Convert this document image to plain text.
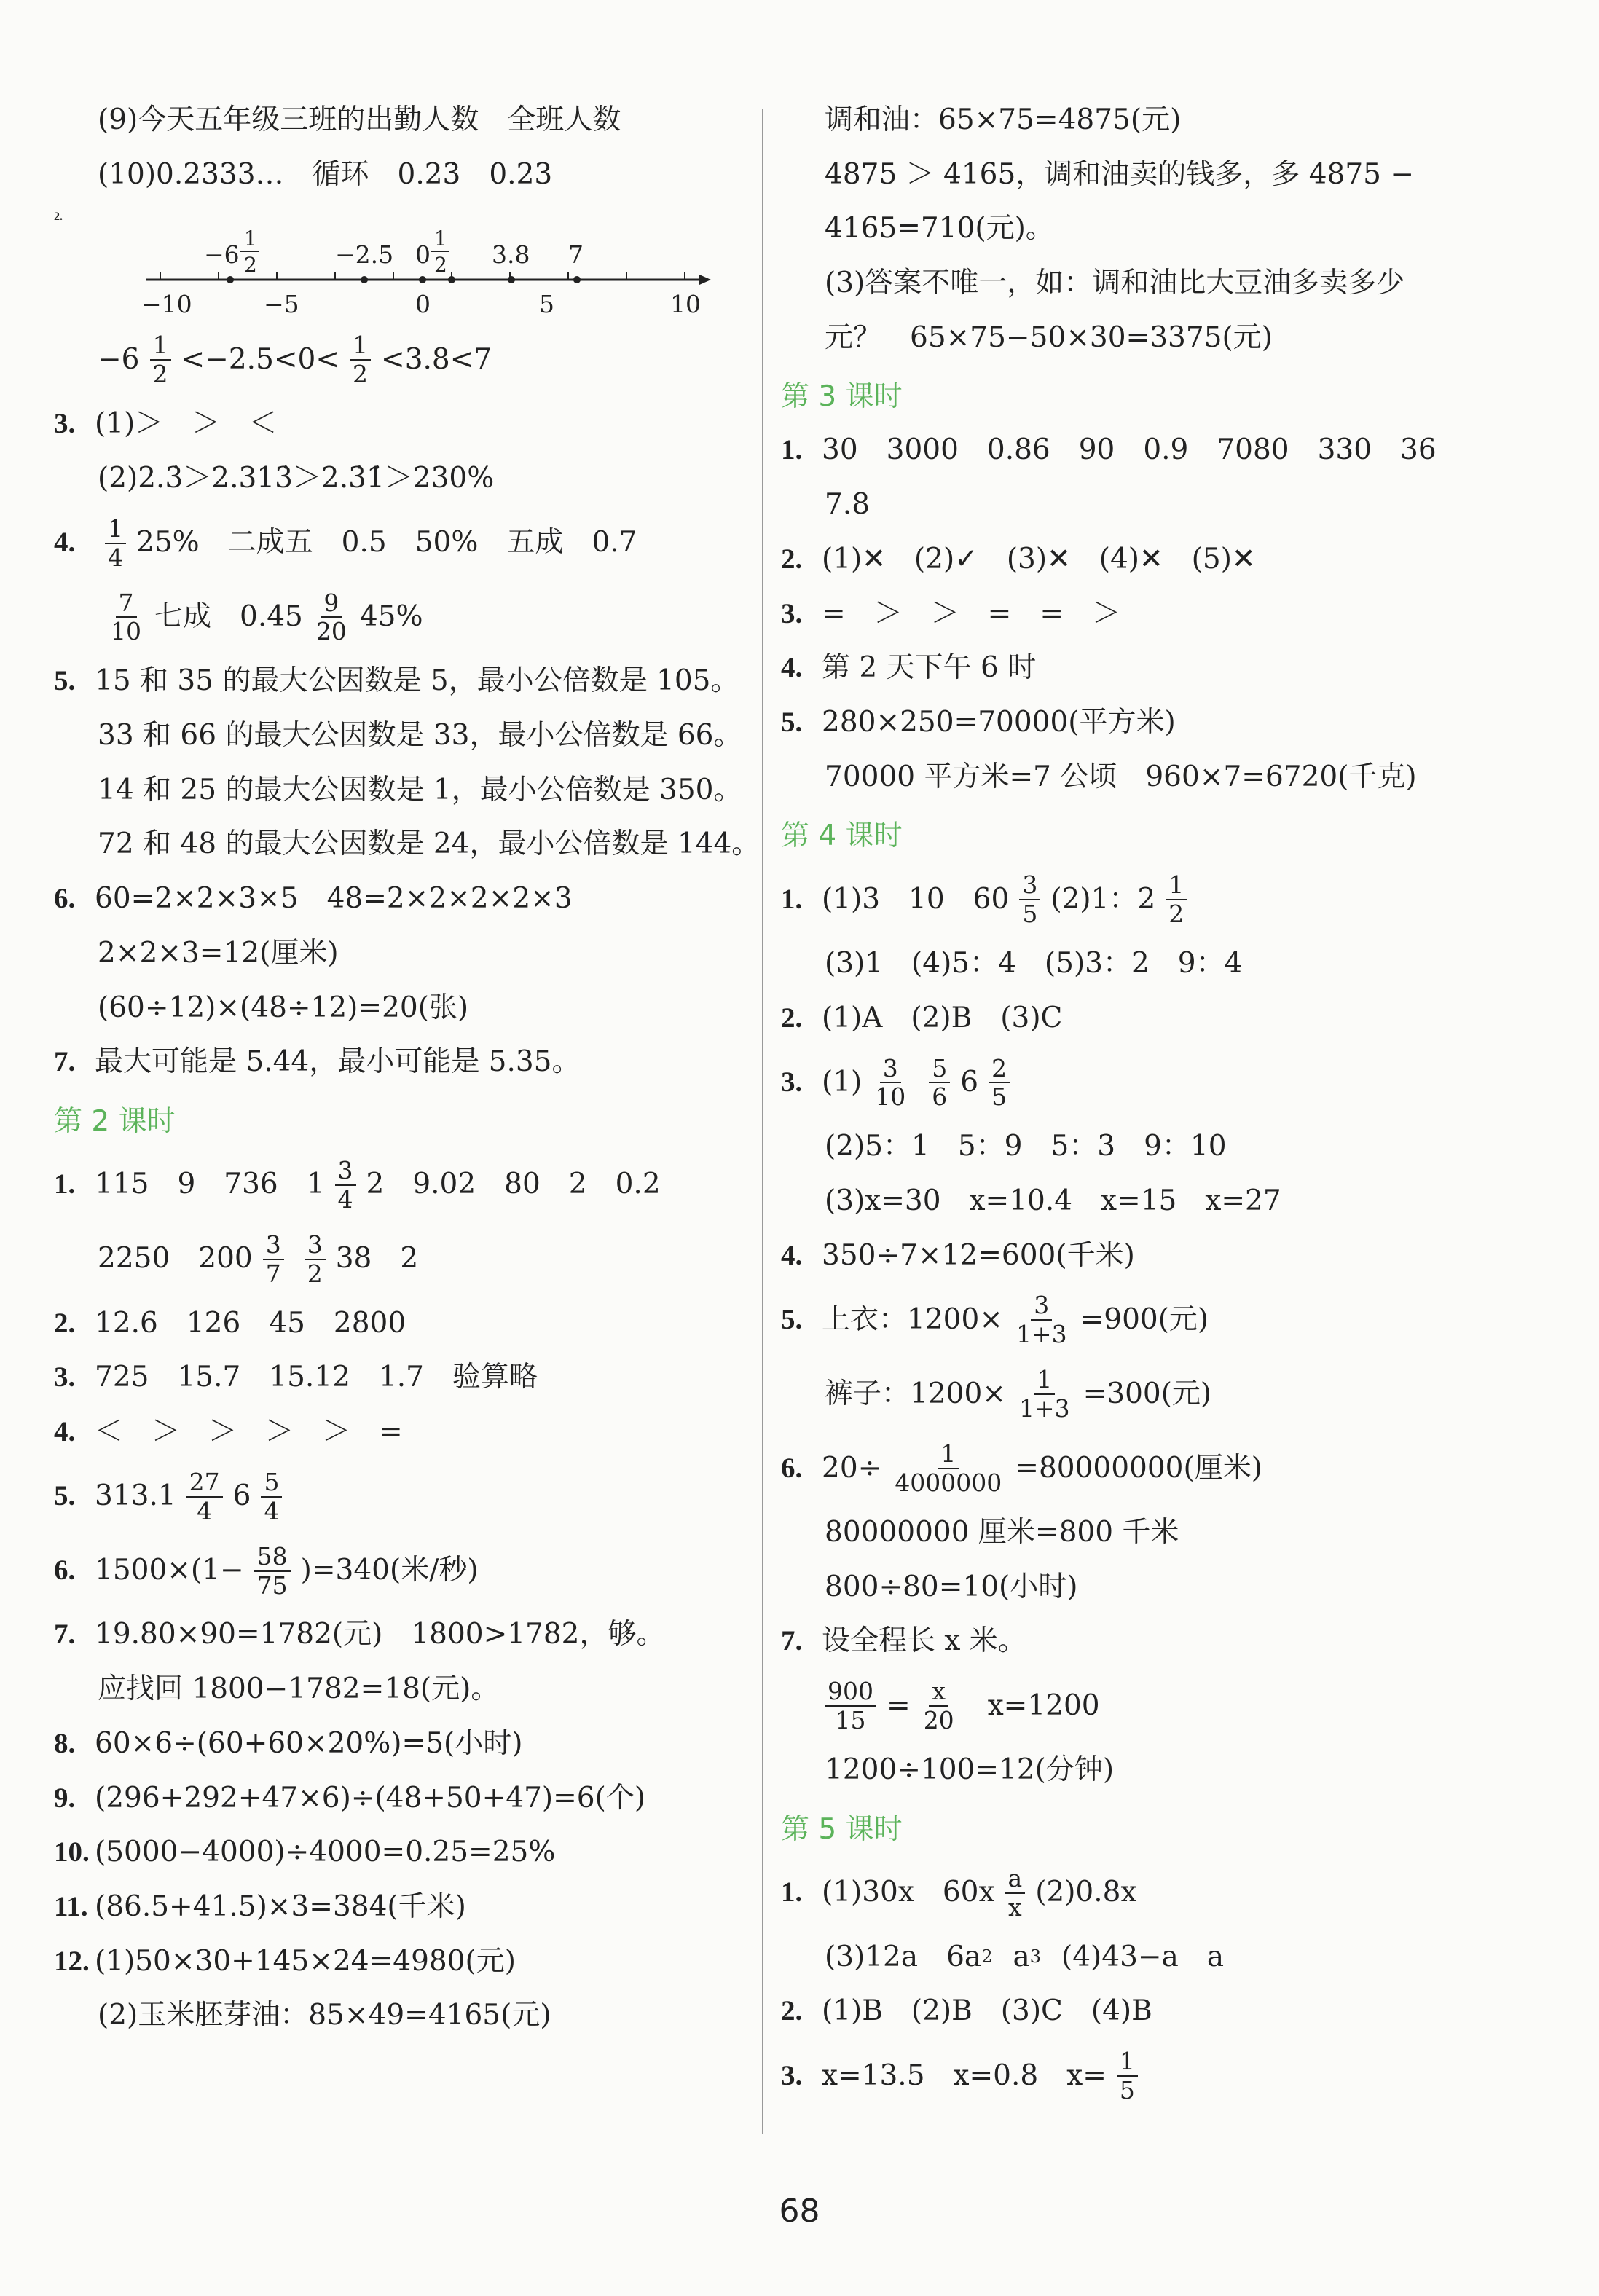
(9)今天五年级三班的出勤人数　全班人数
(10)0.2333…　循环　0.23̇　0.23
2.
−6
1
2	−2.5 0
1
2 3.8 7
−10	−5	0	5	10
$-6 \frac{1}{2} <-2.5<0< \frac{1}{2} <3.8<7$
3. (1)＞　＞　＜
(2)2.3̇＞2.313̇＞2.3̇1̇＞230%
4.	$\frac{1}{4} 25\%$　二成五　0.5　50%　五成　0.7
$\frac{7}{10}$ 七成　$0.45 \frac{9}{20} 45\%$
5. 15 和 35 的最大公因数是 5，最小公倍数是 105。
33 和 66 的最大公因数是 33，最小公倍数是 66。
14 和 25 的最大公因数是 1，最小公倍数是 350。
72 和 48 的最大公因数是 24，最小公倍数是 144。
6. 60=2×2×3×5　48=2×2×2×2×3
2×2×3=12(厘米)
(60÷12)×(48÷12)=20(张)
7. 最大可能是 5.44，最小可能是 5.35。
第 2 课时
1. 115　9　736　$1 \frac{3}{4} 2$　9.02　80　2　0.2
2250　$200 \frac{3}{7} \frac{3}{2} 38$　2
2. 12.6　126　45　2800
3. 725　15.7　15.12　1.7　验算略
4. ＜　＞　＞　＞　＞　=
5. $313.1 \frac{27}{4} 6 \frac{5}{4}$
6. $1500\times(1- \frac{58}{75} )=340$(米/秒)
7. 19.80×90=1782(元)　1800>1782，够。
应找回 1800−1782=18(元)。
8. 60×6÷(60+60×20%)=5(小时)
9. (296+292+47×6)÷(48+50+47)=6(个)
10. (5000−4000)÷4000=0.25=25%
11. (86.5+41.5)×3=384(千米)
12. (1)50×30+145×24=4980(元)
(2)玉米胚芽油：85×49=4165(元)
调和油：65×75=4875(元)
4875 ＞ 4165，调和油卖的钱多，多 4875 −
4165=710(元)。
(3)答案不唯一，如：调和油比大豆油多卖多少
元？　65×75−50×30=3375(元)
第 3 课时
1. 30　3000　0.86　90　0.9　7080　330　36
7.8
2. (1)✕　(2)✓　(3)✕　(4)✕　(5)✕
3. =　＞　＞　=　=　＞
4. 第 2 天下午 6 时
5. 280×250=70000(平方米)
70000 平方米=7 公顷　960×7=6720(千克)
第 4 课时
1. (1)3　10　$60 \frac{3}{5} (2)1$：$2 \frac{1}{2}$
(3)1　(4)5：4　(5)3：2　9：4
2. (1)A　(2)B　(3)C
3. $(1) \frac{3}{10} \frac{5}{6} 6 \frac{2}{5}$
(2)5：1　5：9　5：3　9：10
(3)x=30　x=10.4　x=15　x=27
4. 350÷7×12=600(千米)
5. 上衣：$1200\times \frac{3}{1+3} =900$(元)
裤子：$1200\times \frac{1}{1+3} =300$(元)
6. $20\div \frac{1}{4000000} =80000000$(厘米)
80000000 厘米=800 千米
800÷80=10(小时)
7. 设全程长 x 米。
$\frac{900}{15} = \frac{x}{20} x=1200$
1200÷100=12(分钟)
第 5 课时
1. (1)30x　$60x \frac{a}{x} (2)0.8x$
(3)12a　6a 2 a 3 (4)43−a　a
2. (1)B　(2)B　(3)C　(4)B
3. x=13.5　x=0.8　$x= \frac{1}{5}$
68
